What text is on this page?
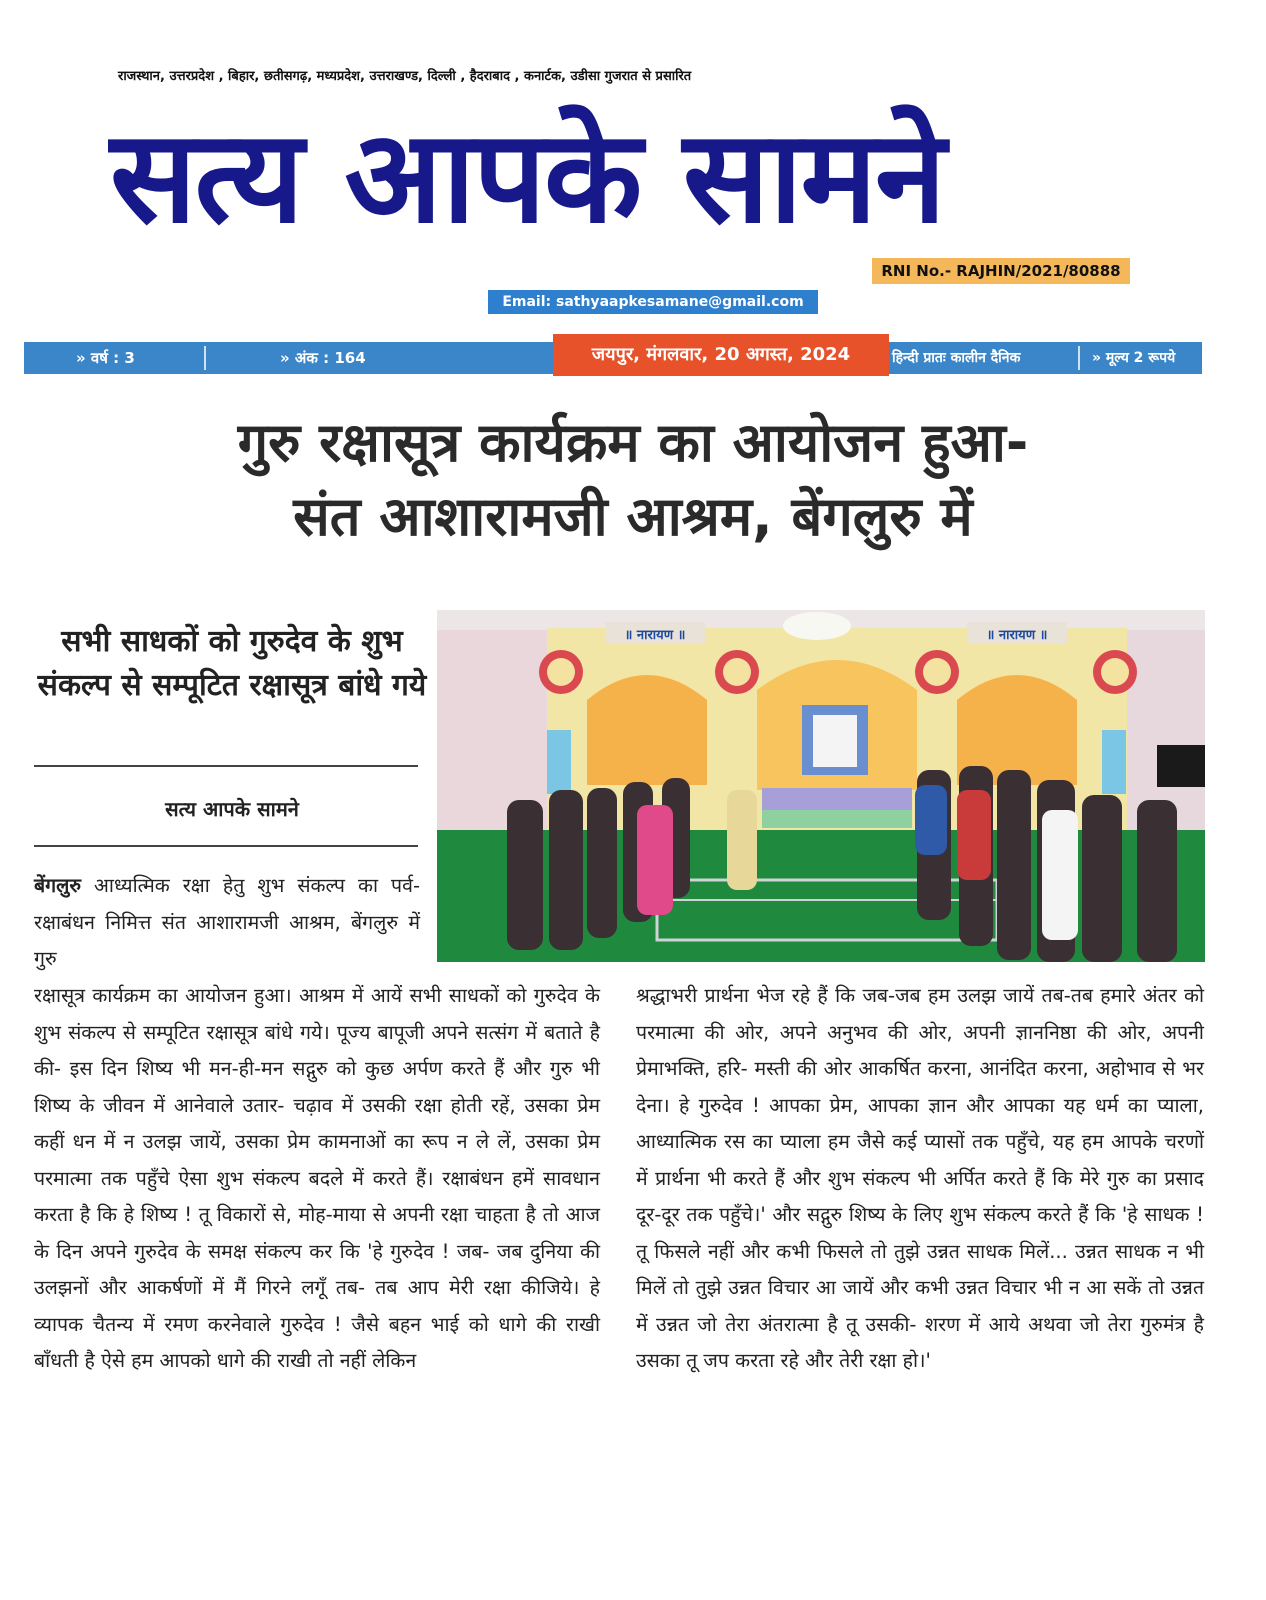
राजस्थान, उत्तरप्रदेश , बिहार, छतीसगढ़, मध्यप्रदेश, उत्तराखण्ड, दिल्ली , हैदराबाद , कनार्टक, उडीसा गुजरात से प्रसारित
सत्य आपके सामने
RNI No.- RAJHIN/2021/80888
Email: sathyaapkesamane@gmail.com
» वर्ष : 3	» अंक : 164	हिन्दी प्रातः कालीन दैनिक	» मूल्य 2 रूपये
जयपुर, मंगलवार, 20 अगस्त, 2024
गुरु रक्षासूत्र कार्यक्रम का आयोजन हुआ-
संत आशारामजी आश्रम, बेंगलुरु में
सभी साधकों को गुरुदेव के शुभ संकल्प से सम्पूटित रक्षासूत्र बांधे गये
सत्य आपके सामने
॥ नारायण ॥	॥ नारायण ॥
बेंगलुरु आध्यत्मिक रक्षा हेतु शुभ संकल्प का पर्व- रक्षाबंधन निमित्त संत आशारामजी आश्रम, बेंगलुरु में गुरु
रक्षासूत्र कार्यक्रम का आयोजन हुआ। आश्रम में आयें सभी साधकों को गुरुदेव के शुभ संकल्प से सम्पूटित रक्षासूत्र बांधे गये। पूज्य बापूजी अपने सत्संग में बताते है की- इस दिन शिष्य भी मन-ही-मन सद्गुरु को कुछ अर्पण करते हैं और गुरु भी शिष्य के जीवन में आनेवाले उतार- चढ़ाव में उसकी रक्षा होती रहें, उसका प्रेम कहीं धन में न उलझ जायें, उसका प्रेम कामनाओं का रूप न ले लें, उसका प्रेम परमात्मा तक पहुँचे ऐसा शुभ संकल्प बदले में करते हैं। रक्षाबंधन हमें सावधान करता है कि हे शिष्य ! तू विकारों से, मोह-माया से अपनी रक्षा चाहता है तो आज के दिन अपने गुरुदेव के समक्ष संकल्प कर कि 'हे गुरुदेव ! जब- जब दुनिया की उलझनों और आकर्षणों में मैं गिरने लगूँ तब- तब आप मेरी रक्षा कीजिये। हे व्यापक चैतन्य में रमण करनेवाले गुरुदेव ! जैसे बहन भाई को धागे की राखी बाँधती है ऐसे हम आपको धागे की राखी तो नहीं लेकिन
श्रद्धाभरी प्रार्थना भेज रहे हैं कि जब-जब हम उलझ जायें तब-तब हमारे अंतर को परमात्मा की ओर, अपने अनुभव की ओर, अपनी ज्ञाननिष्ठा की ओर, अपनी प्रेमाभक्ति, हरि- मस्ती की ओर आकर्षित करना, आनंदित करना, अहोभाव से भर देना। हे गुरुदेव ! आपका प्रेम, आपका ज्ञान और आपका यह धर्म का प्याला, आध्यात्मिक रस का प्याला हम जैसे कई प्यासों तक पहुँचे, यह हम आपके चरणों में प्रार्थना भी करते हैं और शुभ संकल्प भी अर्पित करते हैं कि मेरे गुरु का प्रसाद दूर-दूर तक पहुँचे।' और सद्गुरु शिष्य के लिए शुभ संकल्प करते हैं कि 'हे साधक ! तू फिसले नहीं और कभी फिसले तो तुझे उन्नत साधक मिलें... उन्नत साधक न भी मिलें तो तुझे उन्नत विचार आ जायें और कभी उन्नत विचार भी न आ सकें तो उन्नत में उन्नत जो तेरा अंतरात्मा है तू उसकी- शरण में आये अथवा जो तेरा गुरुमंत्र है उसका तू जप करता रहे और तेरी रक्षा हो।'
